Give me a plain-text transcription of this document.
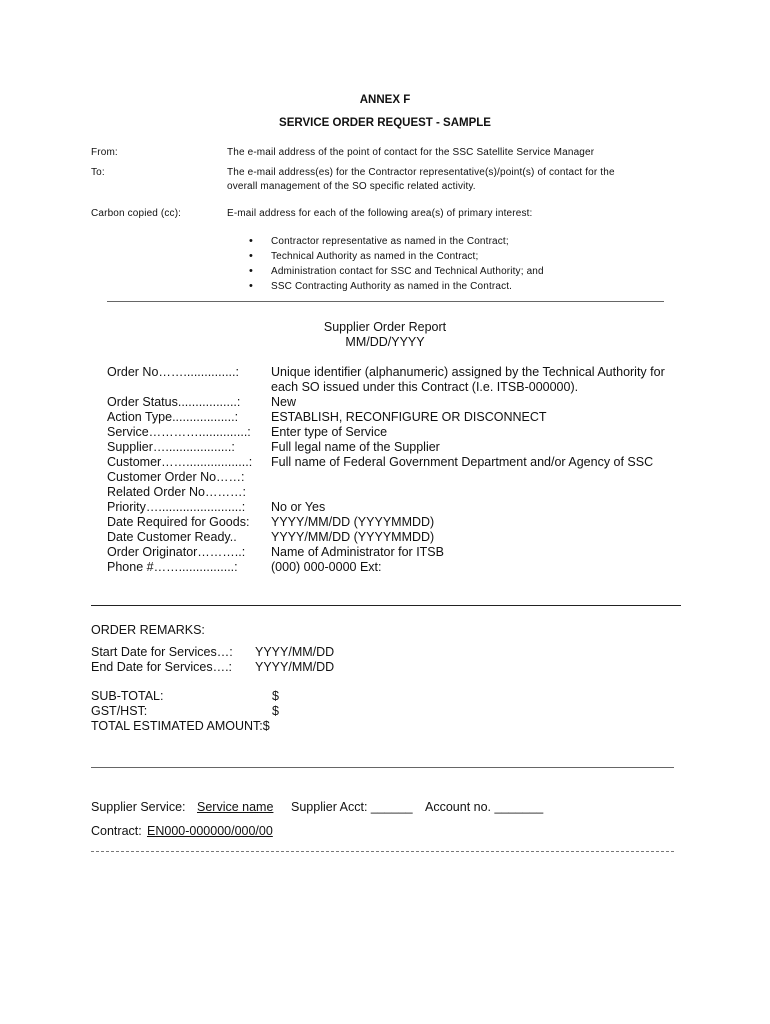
ANNEX F
SERVICE ORDER REQUEST - SAMPLE
From:	The e-mail address of the point of contact for the SSC Satellite Service Manager
To:	The e-mail address(es) for the Contractor representative(s)/point(s) of contact for the
overall management of the SO specific related activity.
Carbon copied (cc):	E-mail address for each of the following area(s) of primary interest:
• Contractor representative as named in the Contract;
• Technical Authority as named in the Contract;
• Administration contact for SSC and Technical Authority; and
• SSC Contracting Authority as named in the Contract.
Supplier Order Report
MM/DD/YYYY
Order No……...............:	Unique identifier (alphanumeric) assigned by the Technical Authority for
each SO issued under this Contract (I.e. ITSB-000000).
Order Status.................: New
Action Type..................:	ESTABLISH, RECONFIGURE OR DISCONNECT
Service…………..............: Enter type of Service
Supplier…...................:	Full legal name of the Supplier
Customer……..................: Full name of Federal Government Department and/or Agency of SSC
Customer Order No……:
Related Order No………:
Priority…........................: No or Yes
Date Required for Goods: YYYY/MM/DD (YYYYMMDD)
Date Customer Ready..	YYYY/MM/DD (YYYYMMDD)
Order Originator………..: Name of Administrator for ITSB
Phone #……................:	(000) 000-0000 Ext:
ORDER REMARKS:
Start Date for Services…: YYYY/MM/DD
End Date for Services….: YYYY/MM/DD
SUB-TOTAL:	$
GST/HST:	$
TOTAL ESTIMATED AMOUNT:$
Supplier Service: Service name Supplier Acct: ______ Account no. _______
Contract: EN000-000000/000/00
